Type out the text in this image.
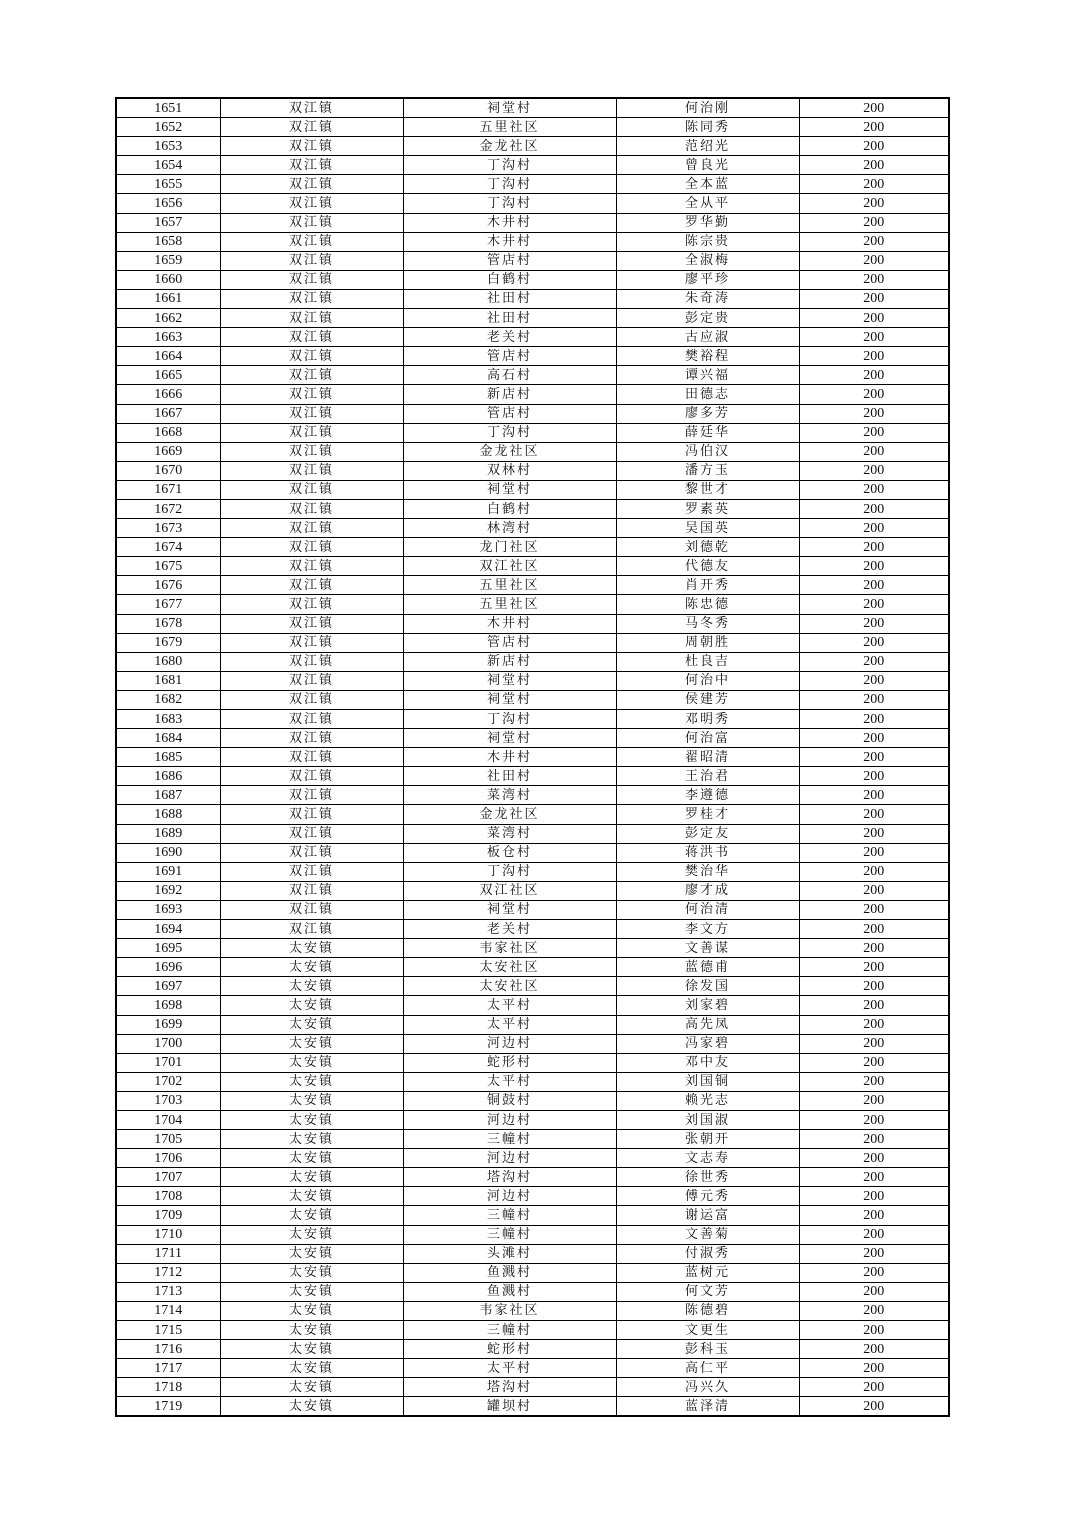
1651	双江镇	祠堂村	何治刚	200
1652	双江镇	五里社区	陈同秀	200
1653	双江镇	金龙社区	范绍光	200
1654	双江镇	丁沟村	曾良光	200
1655	双江镇	丁沟村	全本蓝	200
1656	双江镇	丁沟村	全从平	200
1657	双江镇	木井村	罗华勤	200
1658	双江镇	木井村	陈宗贵	200
1659	双江镇	管店村	全淑梅	200
1660	双江镇	白鹤村	廖平珍	200
1661	双江镇	社田村	朱奇涛	200
1662	双江镇	社田村	彭定贵	200
1663	双江镇	老关村	古应淑	200
1664	双江镇	管店村	樊裕程	200
1665	双江镇	高石村	谭兴福	200
1666	双江镇	新店村	田德志	200
1667	双江镇	管店村	廖多芳	200
1668	双江镇	丁沟村	薛廷华	200
1669	双江镇	金龙社区	冯伯汉	200
1670	双江镇	双林村	潘方玉	200
1671	双江镇	祠堂村	黎世才	200
1672	双江镇	白鹤村	罗素英	200
1673	双江镇	林湾村	吴国英	200
1674	双江镇	龙门社区	刘德乾	200
1675	双江镇	双江社区	代德友	200
1676	双江镇	五里社区	肖开秀	200
1677	双江镇	五里社区	陈忠德	200
1678	双江镇	木井村	马冬秀	200
1679	双江镇	管店村	周朝胜	200
1680	双江镇	新店村	杜良吉	200
1681	双江镇	祠堂村	何治中	200
1682	双江镇	祠堂村	侯建芳	200
1683	双江镇	丁沟村	邓明秀	200
1684	双江镇	祠堂村	何治富	200
1685	双江镇	木井村	翟昭清	200
1686	双江镇	社田村	王治君	200
1687	双江镇	菜湾村	李遵德	200
1688	双江镇	金龙社区	罗桂才	200
1689	双江镇	菜湾村	彭定友	200
1690	双江镇	板仓村	蒋洪书	200
1691	双江镇	丁沟村	樊治华	200
1692	双江镇	双江社区	廖才成	200
1693	双江镇	祠堂村	何治清	200
1694	双江镇	老关村	李文方	200
1695	太安镇	韦家社区	文善谋	200
1696	太安镇	太安社区	蓝德甫	200
1697	太安镇	太安社区	徐发国	200
1698	太安镇	太平村	刘家碧	200
1699	太安镇	太平村	高先凤	200
1700	太安镇	河边村	冯家碧	200
1701	太安镇	蛇形村	邓中友	200
1702	太安镇	太平村	刘国铜	200
1703	太安镇	铜鼓村	赖光志	200
1704	太安镇	河边村	刘国淑	200
1705	太安镇	三幢村	张朝开	200
1706	太安镇	河边村	文志寿	200
1707	太安镇	塔沟村	徐世秀	200
1708	太安镇	河边村	傅元秀	200
1709	太安镇	三幢村	谢运富	200
1710	太安镇	三幢村	文善菊	200
1711	太安镇	头滩村	付淑秀	200
1712	太安镇	鱼溅村	蓝树元	200
1713	太安镇	鱼溅村	何文芳	200
1714	太安镇	韦家社区	陈德碧	200
1715	太安镇	三幢村	文更生	200
1716	太安镇	蛇形村	彭科玉	200
1717	太安镇	太平村	高仁平	200
1718	太安镇	塔沟村	冯兴久	200
1719	太安镇	罐坝村	蓝泽清	200
